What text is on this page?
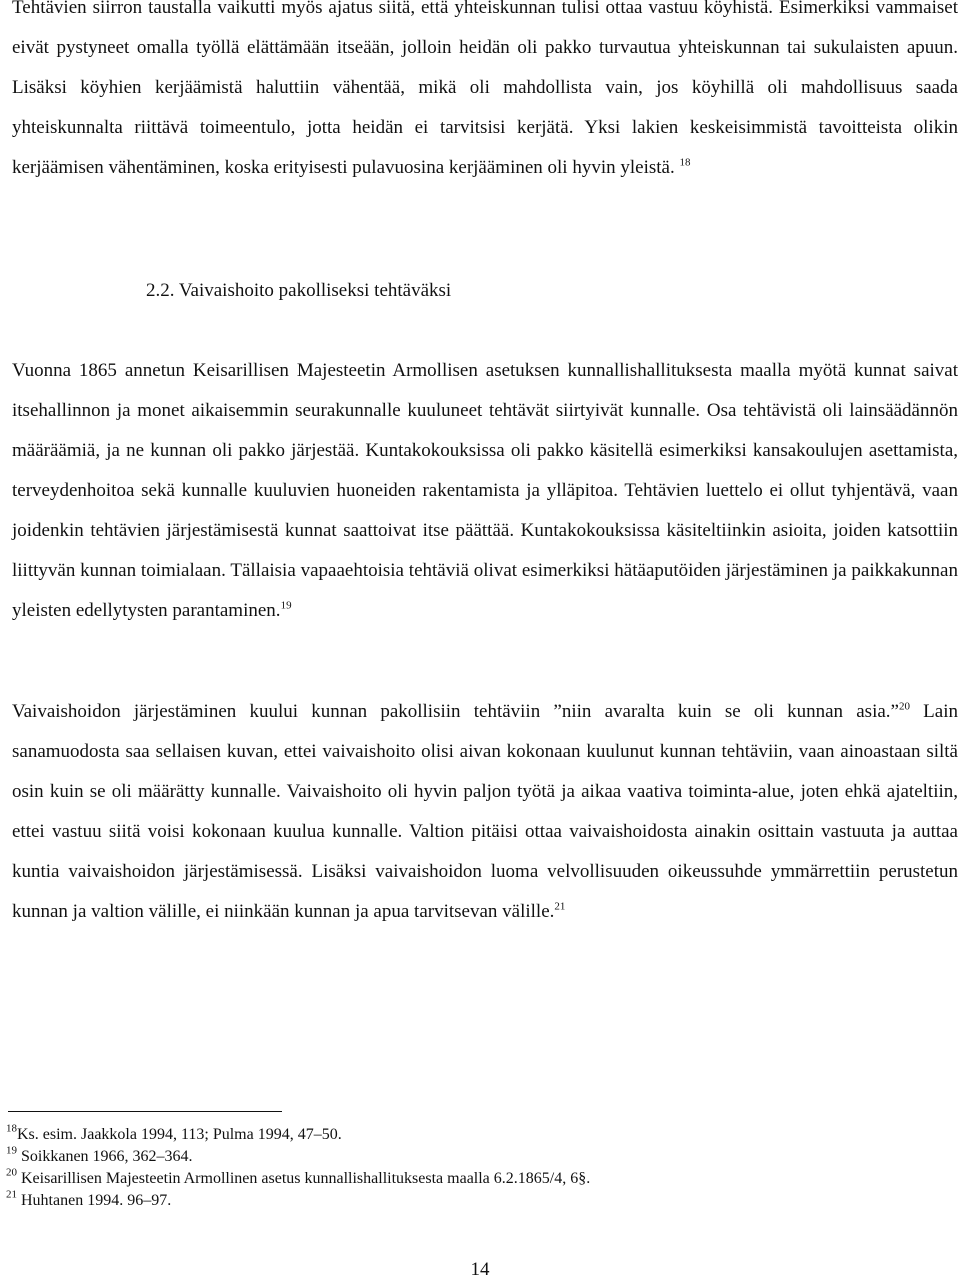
Tehtävien siirron taustalla vaikutti myös ajatus siitä, että yhteiskunnan tulisi ottaa vastuu köyhistä. Esimerkiksi vammaiset eivät pystyneet omalla työllä elättämään itseään, jolloin heidän oli pakko turvautua yhteiskunnan tai sukulaisten apuun. Lisäksi köyhien kerjäämistä haluttiin vähentää, mikä oli mahdollista vain, jos köyhillä oli mahdollisuus saada yhteiskunnalta riittävä toimeentulo, jotta heidän ei tarvitsisi kerjätä. Yksi lakien keskeisimmistä tavoitteista olikin kerjäämisen vähentäminen, koska erityisesti pulavuosina kerjääminen oli hyvin yleistä. $^{18}$

2.2. Vaivaishoito pakolliseksi tehtäväksi

Vuonna 1865 annetun Keisarillisen Majesteetin Armollisen asetuksen kunnallishallituksesta maalla myötä kunnat saivat itsehallinnon ja monet aikaisemmin seurakunnalle kuuluneet tehtävät siirtyivät kunnalle. Osa tehtävistä oli lainsäädännön määräämiä, ja ne kunnan oli pakko järjestää. Kuntakokouksissa oli pakko käsitellä esimerkiksi kansakoulujen asettamista, terveydenhoitoa sekä kunnalle kuuluvien huoneiden rakentamista ja ylläpitoa. Tehtävien luettelo ei ollut tyhjentävä, vaan joidenkin tehtävien järjestämisestä kunnat saattoivat itse päättää. Kuntakokouksissa käsiteltiinkin asioita, joiden katsottiin liittyvän kunnan toimialaan. Tällaisia vapaaehtoisia tehtäviä olivat esimerkiksi hätäaputöiden järjestäminen ja paikkakunnan yleisten edellytysten parantaminen.$^{19}$

Vaivaishoidon järjestäminen kuului kunnan pakollisiin tehtäviin ”niin avaralta kuin se oli kunnan asia.”$^{20}$ Lain sanamuodosta saa sellaisen kuvan, ettei vaivaishoito olisi aivan kokonaan kuulunut kunnan tehtäviin, vaan ainoastaan siltä osin kuin se oli määrätty kunnalle. Vaivaishoito oli hyvin paljon työtä ja aikaa vaativa toiminta-alue, joten ehkä ajateltiin, ettei vastuu siitä voisi kokonaan kuulua kunnalle. Valtion pitäisi ottaa vaivaishoidosta ainakin osittain vastuuta ja auttaa kuntia vaivaishoidon järjestämisessä. Lisäksi vaivaishoidon luoma velvollisuuden oikeussuhde ymmärrettiin perustetun kunnan ja valtion välille, ei niinkään kunnan ja apua tarvitsevan välille.$^{21}$

$^{18}$Ks. esim. Jaakkola 1994, 113; Pulma 1994, 47–50.
$^{19}$ Soikkanen 1966, 362–364.
$^{20}$ Keisarillisen Majesteetin Armollinen asetus kunnallishallituksesta maalla 6.2.1865/4, 6§.
$^{21}$ Huhtanen 1994. 96–97.
14
